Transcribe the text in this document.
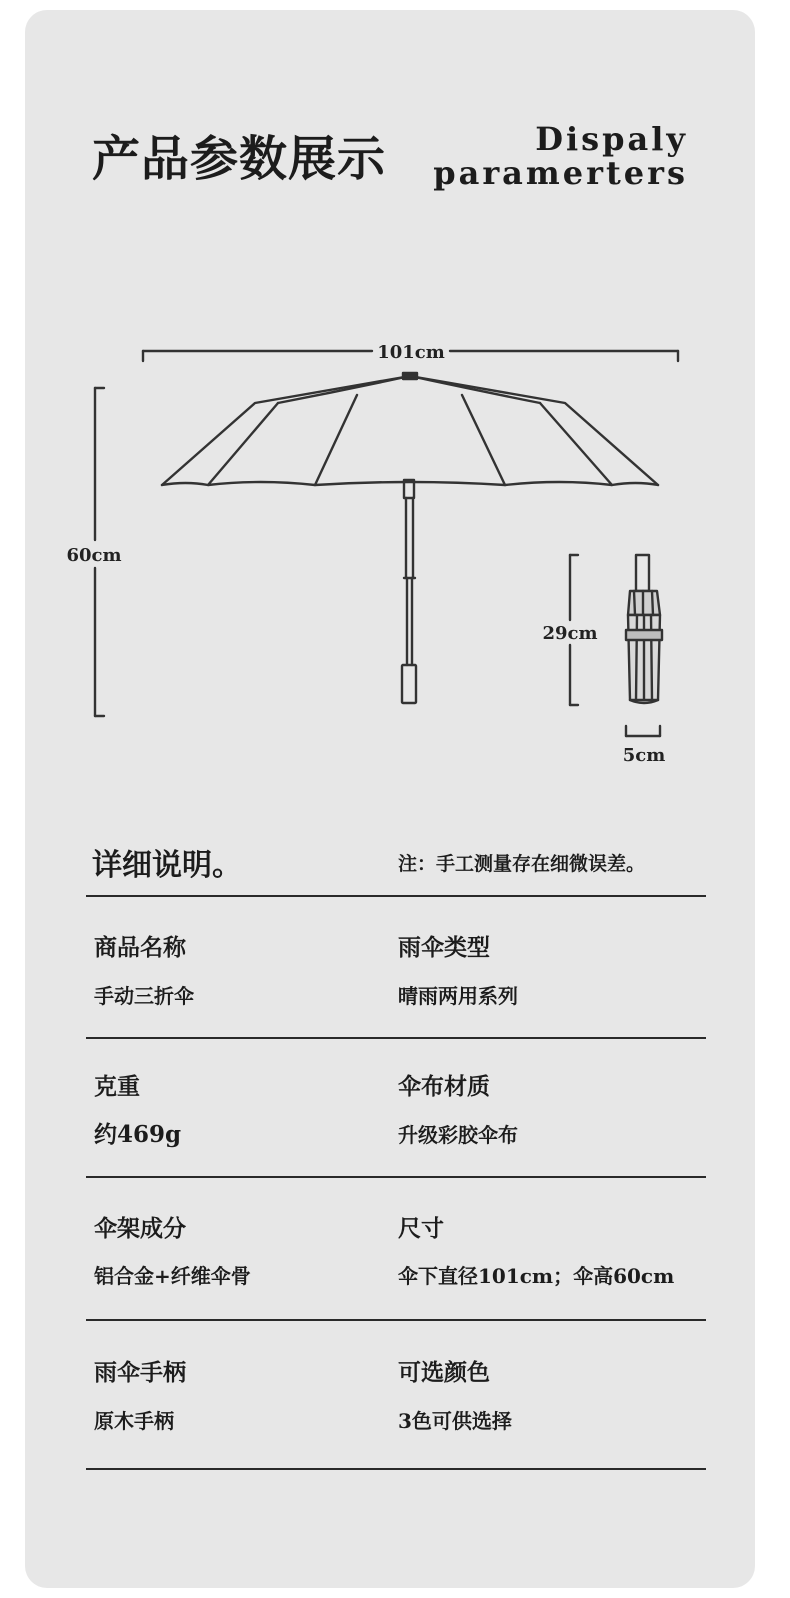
产品参数展示	Dispaly
paramerters
101cm
60cm
29cm
5cm
详细说明。	注：手工测量存在细微误差。
商品名称
手动三折伞
雨伞类型
晴雨两用系列
克重
约469g
伞布材质
升级彩胶伞布
伞架成分
铝合金+纤维伞骨
尺寸
伞下直径101cm；伞高60cm
雨伞手柄
原木手柄
可选颜色
3色可供选择
